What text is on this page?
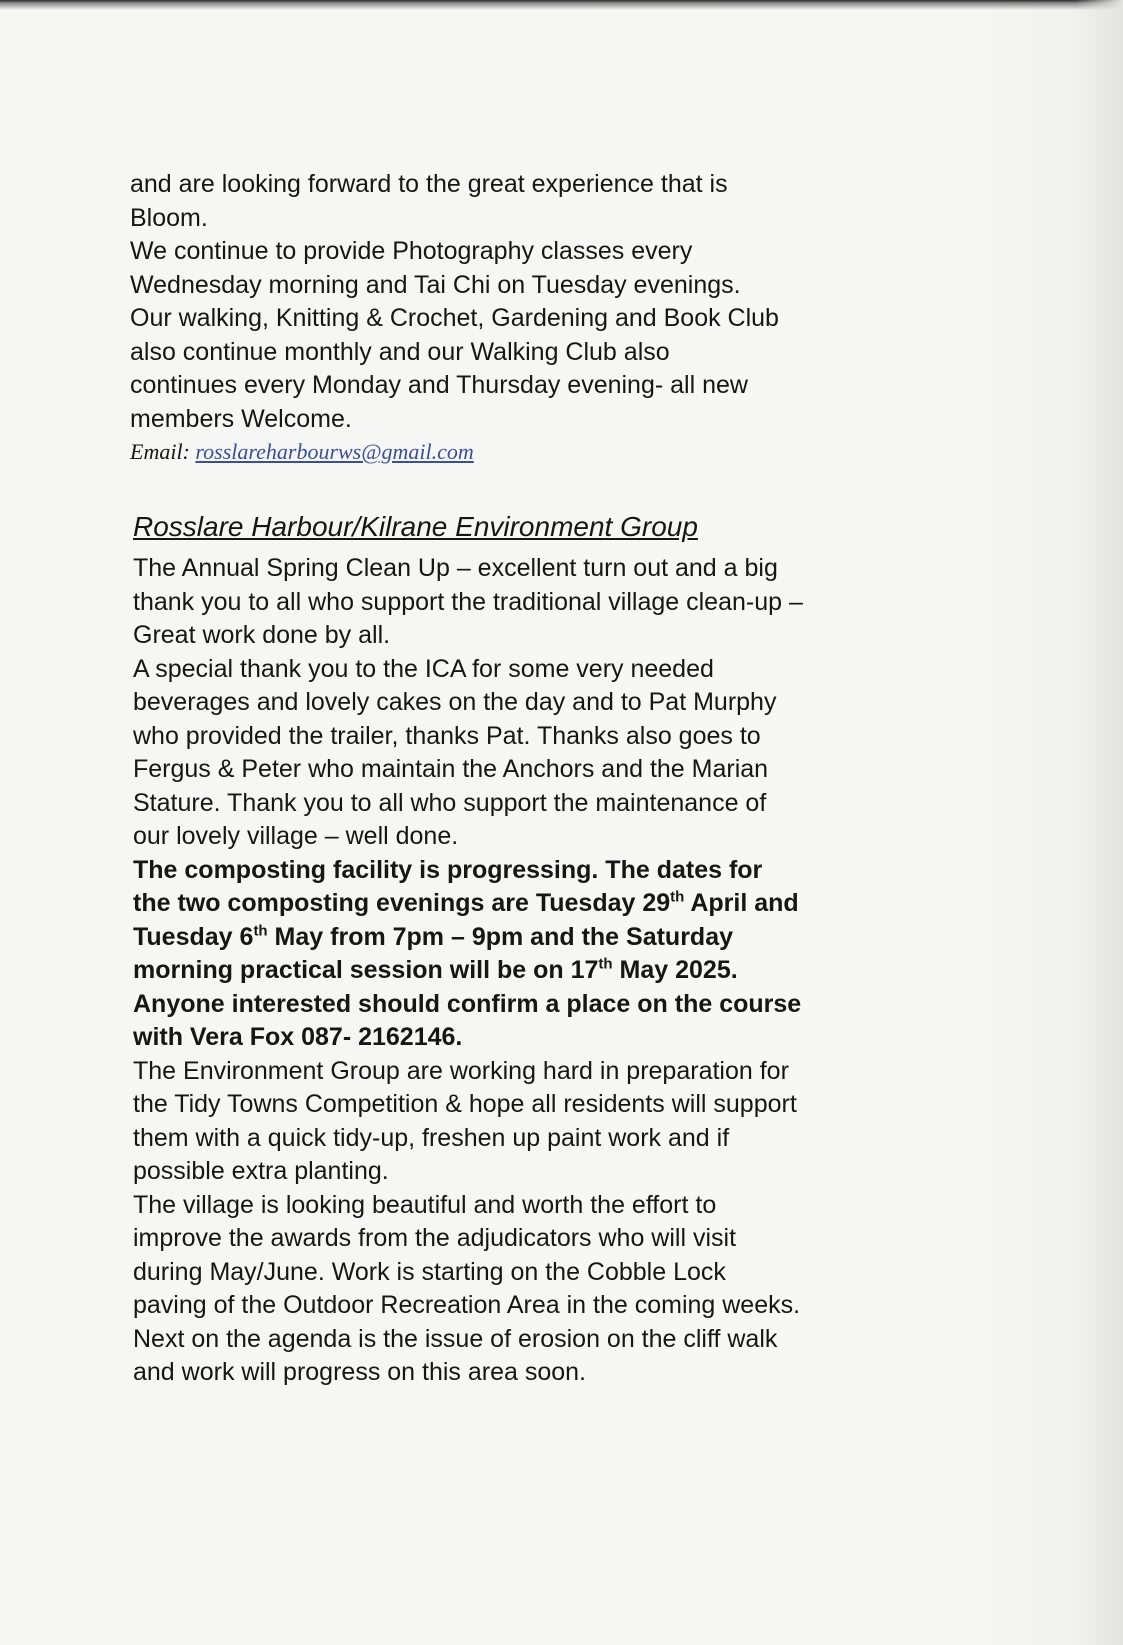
and are looking forward to the great experience that is

Bloom.

We continue to provide Photography classes every

Wednesday morning and Tai Chi on Tuesday evenings.

Our walking, Knitting & Crochet, Gardening and Book Club

also continue monthly and our Walking Club also

continues every Monday and Thursday evening- all new

members Welcome.

Email: rosslareharbourws@gmail.com

Rosslare Harbour/Kilrane Environment Group

The Annual Spring Clean Up – excellent turn out and a big

thank you to all who support the traditional village clean-up –

Great work done by all.

A special thank you to the ICA for some very needed

beverages and lovely cakes on the day and to Pat Murphy

who provided the trailer, thanks Pat. Thanks also goes to

Fergus & Peter who maintain the Anchors and the Marian

Stature. Thank you to all who support the maintenance of

our lovely village – well done.

The composting facility is progressing. The dates for

the two composting evenings are Tuesday 29th April and

Tuesday 6th May from 7pm – 9pm and the Saturday

morning practical session will be on 17th May 2025.

Anyone interested should confirm a place on the course

with Vera Fox 087- 2162146.

The Environment Group are working hard in preparation for

the Tidy Towns Competition & hope all residents will support

them with a quick tidy-up, freshen up paint work and if

possible extra planting.

The village is looking beautiful and worth the effort to

improve the awards from the adjudicators who will visit

during May/June. Work is starting on the Cobble Lock

paving of the Outdoor Recreation Area in the coming weeks.

Next on the agenda is the issue of erosion on the cliff walk

and work will progress on this area soon.
